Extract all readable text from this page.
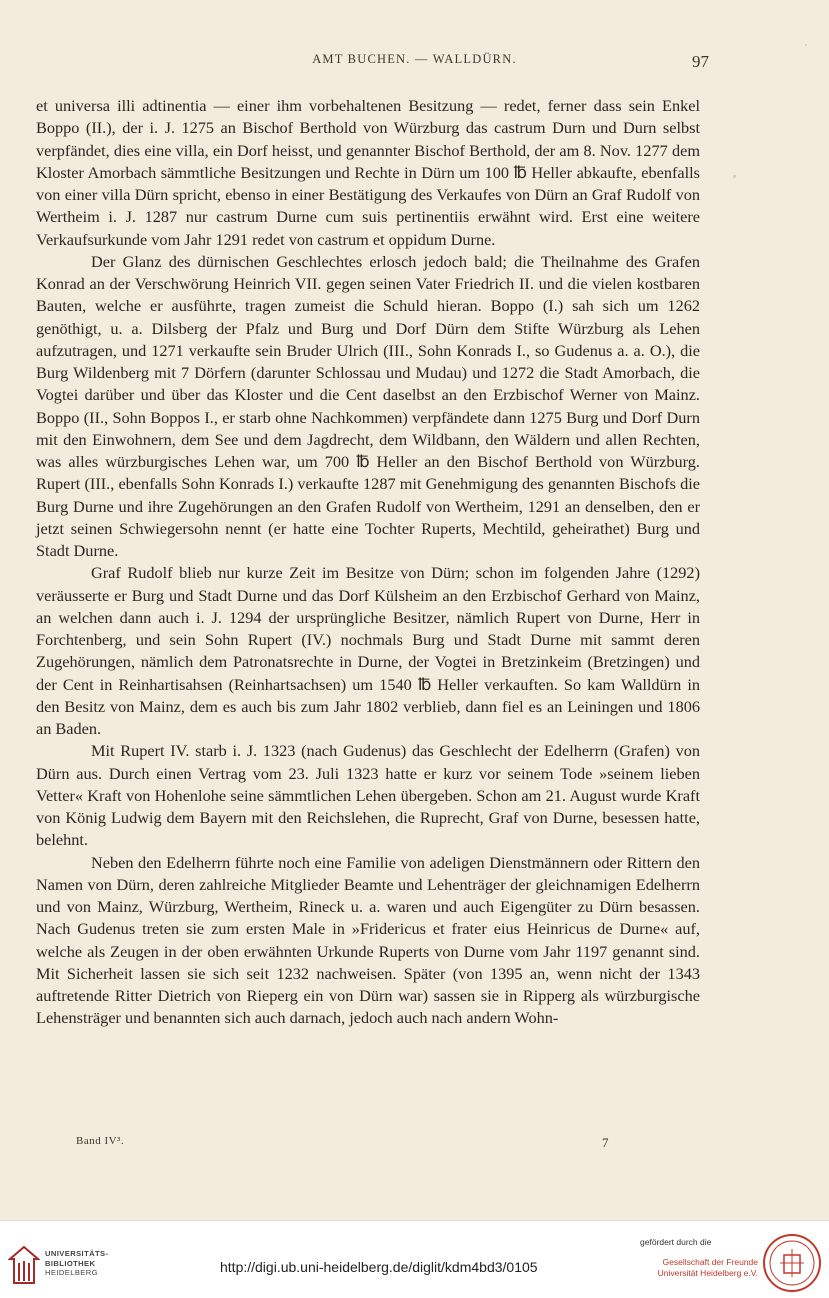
AMT BUCHEN. — WALLDÜRN.	97

et universa illi adtinentia — einer ihm vorbehaltenen Besitzung — redet, ferner dass sein Enkel Boppo (II.), der i. J. 1275 an Bischof Berthold von Würzburg das castrum Durn und Durn selbst verpfändet, dies eine villa, ein Dorf heisst, und genannter Bischof Berthold, der am 8. Nov. 1277 dem Kloster Amorbach sämmtliche Besitzungen und Rechte in Dürn um 100 ℔ Heller abkaufte, ebenfalls von einer villa Dürn spricht, ebenso in einer Bestätigung des Verkaufes von Dürn an Graf Rudolf von Wertheim i. J. 1287 nur castrum Durne cum suis pertinentiis erwähnt wird. Erst eine weitere Verkaufsurkunde vom Jahr 1291 redet von castrum et oppidum Durne.

Der Glanz des dürnischen Geschlechtes erlosch jedoch bald; die Theilnahme des Grafen Konrad an der Verschwörung Heinrich VII. gegen seinen Vater Friedrich II. und die vielen kostbaren Bauten, welche er ausführte, tragen zumeist die Schuld hieran. Boppo (I.) sah sich um 1262 genöthigt, u. a. Dilsberg der Pfalz und Burg und Dorf Dürn dem Stifte Würzburg als Lehen aufzutragen, und 1271 verkaufte sein Bruder Ulrich (III., Sohn Konrads I., so Gudenus a. a. O.), die Burg Wildenberg mit 7 Dörfern (darunter Schlossau und Mudau) und 1272 die Stadt Amorbach, die Vogtei darüber und über das Kloster und die Cent daselbst an den Erzbischof Werner von Mainz. Boppo (II., Sohn Boppos I., er starb ohne Nachkommen) verpfändete dann 1275 Burg und Dorf Durn mit den Einwohnern, dem See und dem Jagdrecht, dem Wildbann, den Wäldern und allen Rechten, was alles würzburgisches Lehen war, um 700 ℔ Heller an den Bischof Berthold von Würzburg. Rupert (III., ebenfalls Sohn Konrads I.) verkaufte 1287 mit Genehmigung des genannten Bischofs die Burg Durne und ihre Zugehörungen an den Grafen Rudolf von Wertheim, 1291 an denselben, den er jetzt seinen Schwiegersohn nennt (er hatte eine Tochter Ruperts, Mechtild, geheirathet) Burg und Stadt Durne.

Graf Rudolf blieb nur kurze Zeit im Besitze von Dürn; schon im folgenden Jahre (1292) veräusserte er Burg und Stadt Durne und das Dorf Külsheim an den Erzbischof Gerhard von Mainz, an welchen dann auch i. J. 1294 der ursprüngliche Besitzer, nämlich Rupert von Durne, Herr in Forchtenberg, und sein Sohn Rupert (IV.) nochmals Burg und Stadt Durne mit sammt deren Zugehörungen, nämlich dem Patronatsrechte in Durne, der Vogtei in Bretzinkeim (Bretzingen) und der Cent in Reinhartisahsen (Reinhartsachsen) um 1540 ℔ Heller verkauften. So kam Walldürn in den Besitz von Mainz, dem es auch bis zum Jahr 1802 verblieb, dann fiel es an Leiningen und 1806 an Baden.

Mit Rupert IV. starb i. J. 1323 (nach Gudenus) das Geschlecht der Edelherrn (Grafen) von Dürn aus. Durch einen Vertrag vom 23. Juli 1323 hatte er kurz vor seinem Tode »seinem lieben Vetter« Kraft von Hohenlohe seine sämmtlichen Lehen übergeben. Schon am 21. August wurde Kraft von König Ludwig dem Bayern mit den Reichslehen, die Ruprecht, Graf von Durne, besessen hatte, belehnt.

Neben den Edelherrn führte noch eine Familie von adeligen Dienstmännern oder Rittern den Namen von Dürn, deren zahlreiche Mitglieder Beamte und Lehenträger der gleichnamigen Edelherrn und von Mainz, Würzburg, Wertheim, Rineck u. a. waren und auch Eigengüter zu Dürn besassen. Nach Gudenus treten sie zum ersten Male in »Fridericus et frater eius Heinricus de Durne« auf, welche als Zeugen in der oben erwähnten Urkunde Ruperts von Durne vom Jahr 1197 genannt sind. Mit Sicherheit lassen sie sich seit 1232 nachweisen. Später (von 1395 an, wenn nicht der 1343 auftretende Ritter Dietrich von Rieperg ein von Dürn war) sassen sie in Ripperg als würzburgische Lehensträger und benannten sich auch darnach, jedoch auch nach andern Wohn-

Band IV³.	7
UNIVERSITÄTS-
BIBLIOTHEK
HEIDELBERG	http://digi.ub.uni-heidelberg.de/diglit/kdm4bd3/0105
gefördert durch die
Gesellschaft der Freunde
Universität Heidelberg e.V.
